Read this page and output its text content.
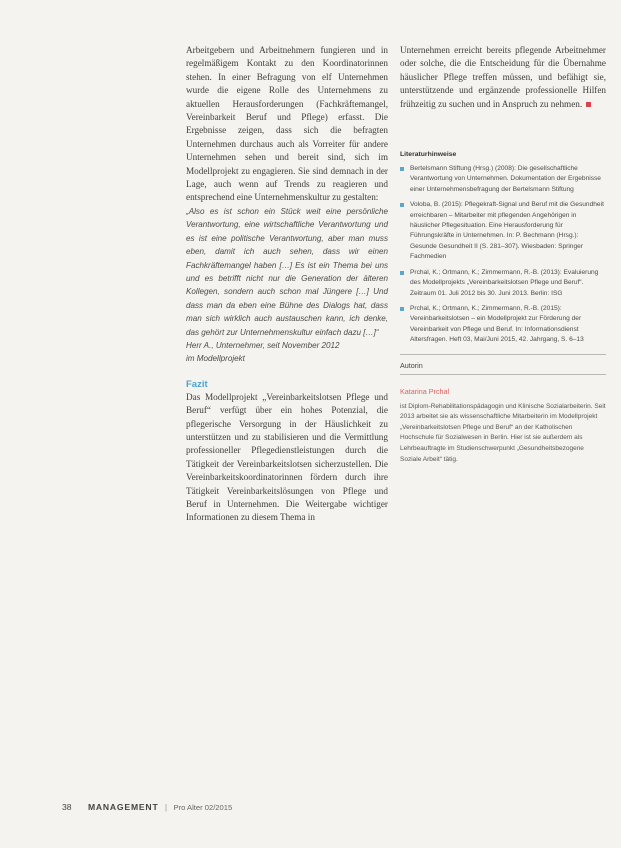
Arbeitgebern und Arbeitnehmern fungieren und in regelmäßigem Kontakt zu den Koordinatorinnen stehen. In einer Befragung von elf Unternehmen wurde die eigene Rolle des Unternehmens zu aktuellen Herausforderungen (Fachkräftemangel, Vereinbarkeit Beruf und Pflege) erfasst. Die Ergebnisse zeigen, dass sich die befragten Unternehmen durchaus auch als Vorreiter für andere Unternehmen sehen und bereit sind, sich im Modellprojekt zu engagieren. Sie sind demnach in der Lage, auch wenn auf Trends zu reagieren und entsprechend eine Unternehmenskultur zu gestalten:

„Also es ist schon ein Stück weit eine persönliche Verantwortung, eine wirtschaftliche Verantwortung und es ist eine politische Verantwortung, aber man muss eben, damit ich auch sehen, dass wir einen Fachkräftemangel haben […] Es ist ein Thema bei uns und es betrifft nicht nur die Generation der älteren Kollegen, sondern auch schon mal Jüngere […] Und dass man da eben eine Bühne des Dialogs hat, dass man sich wirklich auch austauschen kann, ich denke, das gehört zur Unternehmenskultur einfach dazu […]“

Herr A., Unternehmer, seit November 2012

im Modellprojekt

Fazit

Das Modellprojekt „Vereinbarkeitslotsen Pflege und Beruf“ verfügt über ein hohes Potenzial, die pflegerische Versorgung in der Häuslichkeit zu unterstützen und zu stabilisieren und die Vermittlung professioneller Pflegedienstleistungen durch die Tätigkeit der Vereinbarkeitslotsen sicherzustellen. Die Vereinbarkeitskoordinatorinnen fördern durch ihre Tätigkeit Vereinbarkeitslösungen von Pflege und Beruf in Unternehmen. Die Weitergabe wichtiger Informationen zu diesem Thema in

Unternehmen erreicht bereits pflegende Arbeitnehmer oder solche, die die Entscheidung für die Übernahme häuslicher Pflege treffen müssen, und befähigt sie, unterstützende und ergänzende professionelle Hilfen frühzeitig zu suchen und in Anspruch zu nehmen.

Literaturhinweise
Bertelsmann Stiftung (Hrsg.) (2008): Die gesellschaftliche Verantwortung von Unternehmen. Dokumentation der Ergebnisse einer Unternehmensbefragung der Bertelsmann Stiftung
Voloba, B. (2015): Pflegekraft-Signal und Beruf mit die Gesundheit erreichbaren – Mitarbeiter mit pflegenden Angehörigen in häuslicher Pflegesituation. Eine Herausforderung für Führungskräfte in Unternehmen. In: P. Bechmann (Hrsg.): Gesunde Gesundheit II (S. 281–307). Wiesbaden: Springer Fachmedien
Prchal, K.; Ortmann, K.; Zimmermann, R.-B. (2013): Evaluierung des Modellprojekts „Vereinbarkeitslotsen Pflege und Beruf“. Zeitraum 01. Juli 2012 bis 30. Juni 2013. Berlin: ISG
Prchal, K.; Ortmann, K.; Zimmermann, R.-B. (2015): Vereinbarkeitslotsen – ein Modellprojekt zur Förderung der Vereinbarkeit von Pflege und Beruf. In: Informationsdienst Altersfragen. Heft 03, Mai/Juni 2015, 42. Jahrgang, S. 6–13
Autorin
Katarina Prchal
ist Diplom-Rehabilitationspädagogin und Klinische Sozialarbeiterin. Seit 2013 arbeitet sie als wissenschaftliche Mitarbeiterin im Modellprojekt „Vereinbarkeitslotsen Pflege und Beruf“ an der Katholischen Hochschule für Sozialwesen in Berlin. Hier ist sie außerdem als Lehrbeauftragte im Studienschwerpunkt „Gesundheitsbezogene Soziale Arbeit“ tätig.
38 MANAGEMENT | Pro Alter 02/2015
